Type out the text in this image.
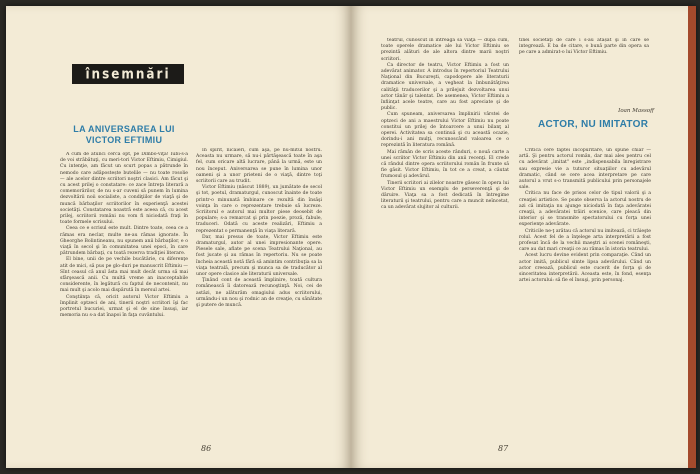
însemnări
LA ANIVERSAREA LUI VICTOR EFTIMIU

A cum de atunci cerca opt, pe Dimbo-viţa! Iubi-s-a de voi străbătuţi, cu meri-tori Victor Eftimiu, Cimigiul. Cu intenţie, am făcut un scurt popas a pătrunde în nemodo care adăpostește butelile — nu toate rosolie — ale acelor dintre scriitori noştri clasici. Am făcut şi cu acest prilej o constatare: ce zace întreţa literară a comemorărilor, de nu s-ar cuveni să punem în lumina dezvoltării noii socialiste, a condiţiilor de viaţă şi de muncă bărbaţilor scriitorilor în experienţă acestei societăţi. Constatarea noastră este aceea că, cu acest prilej, scriitorii români nu vom fi niciodată fraţi în toate formele scrisului.

Ceea ce e scrisul este mult. Dintre toate, ceea ce a rămas era neclar, multe ne-au rămas ignorate. În Gheorghe Bolintineanu, nu spunem anii bărbaţilor, e o viaţă în secol şi în comunitatea unei epoci, în care pătrundem bărbaţi, cu toată rezerva tradiţiei literare.

El bine, unii de pe vechile bucătărie, cu diferenţe atit de mici, să pus pe glo-duri pe manuscrit Eftimiu — Sînt ceasul că anul ăsta mai mult decât urma să mai sfârşească anii. Cu multă vreme an inacceptabile considerente, în legătură cu faptul de necontenit, nu mai mult şi acolo mai dispărută în mersul artei.

Conştiinţa că, oricit autorul Victor Eftimiu a împlinit optzeci de ani, tinerii noştri scriitori îşi fac portretul bucuriei, urmat şi el de sine însuşi, iar memoria nu s-a dat înapoi în faţa cuvântului.

În spirit, nicăieri, cum aşa, pe nu-mitul nostru. Aceasta nu urmare, să nu-i părtăşească toate în aşa fel, cum oricare altă lucrare, până la urmă, este un nou început. Aniversarea se pune în lumina unor oameni şi a unor prieteni de o viaţă, dintre toţi scriitorii care au trudit.

Victor Eftimiu (născut 1889), un jumătate de secol şi tot, poetul, dramaturgul, cunoscut înainte de toate printr-o minunată îmbinare ce rezultă din însăşi voinţa în care o reprezentare trebuie să lucreze. Scriitorul e autorul mai multor piese deosebit de populare; s-a remarcat şi prin poezie, proză, fabule, traduceri. Odată cu aceste realizări, Eftimiu a reprezentat o permanenţă în viaţa literară.

Dar, mai presus de toate, Victor Eftimiu este dramaturgul, autor al unei impresionante opere. Piesele sale, aflate pe scena Teatrului Naţional, au fost jucate şi au rămas în repertoriu. Nu se poate încheia această notă fără să amintim contribuţia sa la viaţa teatrală, precum şi munca sa de traducător al unor opere clasice ale literaturii universale.

Ţinând cont de această împlinire, toată cultura românească îi datorează recunoştinţă. Noi, cei de astăzi, ne alăturăm omagiului adus scriitorului, urmându-i un nou şi rodnic an de creaţie, cu sănătate şi putere de muncă.

86

teatrul, cunoscut în întreaga sa viaţă — după cum, toate operele dramatice ale lui Victor Eftimiu se prezintă alături de ale altora dintre marii noştri scriitori.

Ca director de teatru, Victor Eftimiu a fost un adevărat animator. A introdus în repertoriul Teatrului Naţional din Bucureşti, capodopere ale literaturii dramatice universale, a vegheat la îmbunătăţirea calităţii traducerilor şi a prilejuit dezvoltarea unui actor tânăr şi talentat. De asemenea, Victor Eftimiu a înfiinţat acele teatre, care au fost apreciate şi de public.

Cum spuneam, aniversarea împlinirii vârstei de optzeci de ani a maestrului Victor Eftimiu nu poate constitui un prilej de întoarcere a unui bilanţ al operei. Activitatea sa continuă şi cu această ocazie, dorindu-i ani mulţi, recunoscând valoarea ce o reprezintă în literatura română.

Mai rămân de scris aceste rânduri, o nouă carte a unei scriitor Victor Eftimiu din anii recenţi. El crede că rândul dintre opera scriitorului român în frunte să fie găsit. Victor Eftimiu, în tot ce a creat, a căutat frumosul şi adevărul.

Tinerii scriitori ai zilelor noastre găsesc în opera lui Victor Eftimiu un exemplu de perseverenţă şi de dăruire. Viaţa sa a fost dedicată în întregime literaturii şi teatrului, pentru care a muncit neîncetat, ca un adevărat slujitor al culturii.

tinei societăţi de care i s-au atașat şi în care se integrează. E ba de citare, o bună parte din opera sa pe care a admirat-o lui Victor Eftimiu.

Critica cere faptei incopuritare, un spune chiar — artă. Şi pentru actorul român, dar mai ales pentru cel cu adevărat „imitat" este „indispensabila înregistrare sau expresie vie a tuturor situaţiilor cu adevărul dramatic, când se cere acea interpretare pe care autorul a vrut s-o transmită publicului prin personajele sale.

Critica nu face de prisos celor de tipul valorii şi a creaţiei artistice. Se poate observa la actorul nostru de azi că imitaţia nu ajunge niciodată în faţa adevăratei creaţii, a adevăratei trăiri scenice, care pleacă din interior şi se transmite spectatorului cu forţa unei experienţe adevărate.

Criticile ne-ţ arătau că actorul nu imitează, ci trăieşte rolul. Acest fel de a înţelege arta interpretării a fost profesat încă de la vechii maeştri ai scenei româneşti, care au dat mari creaţii ce au rămas în istoria teatrului.

Acest lucru devine evident prin comparaţie. Când un actor imită, publicul simte lipsa adevărului. Când un actor creează, publicul este cucerit de forţa şi de sinceritatea interpretării. Aceasta este, în fond, esenţa artei actorului: să fie el însuşi, prin personaj.

87
Ioan Massoff
ACTOR, NU IMITATOR
